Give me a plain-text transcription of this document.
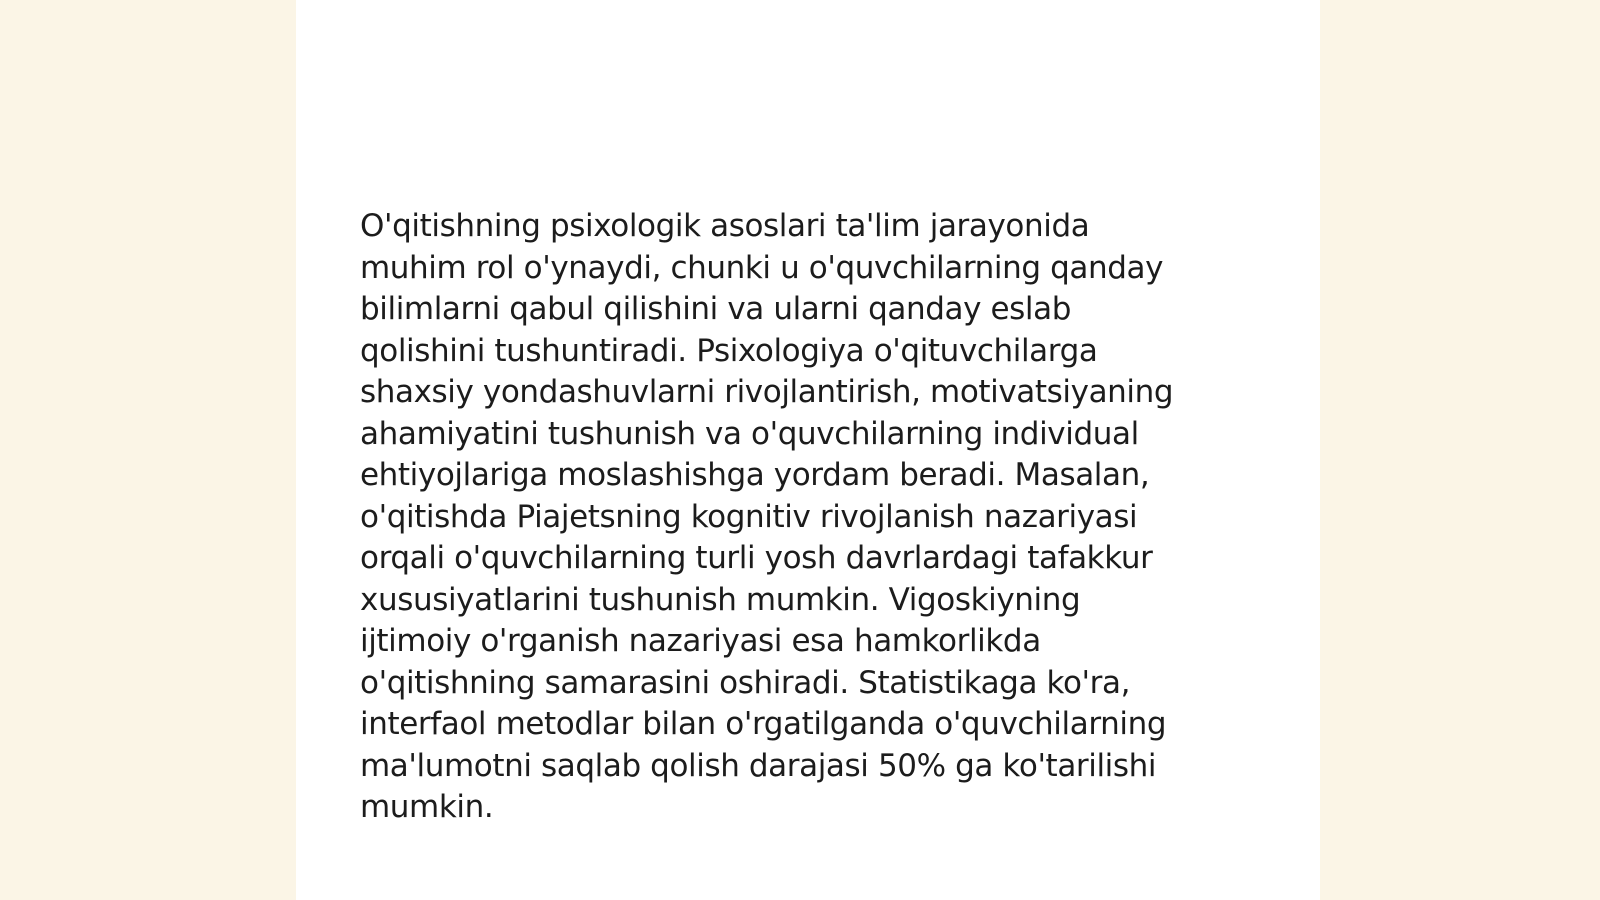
O'qitishning psixologik asoslari ta'lim jarayonida
muhim rol o'ynaydi, chunki u o'quvchilarning qanday
bilimlarni qabul qilishini va ularni qanday eslab
qolishini tushuntiradi. Psixologiya o'qituvchilarga
shaxsiy yondashuvlarni rivojlantirish, motivatsiyaning
ahamiyatini tushunish va o'quvchilarning individual
ehtiyojlariga moslashishga yordam beradi. Masalan,
o'qitishda Piajetsning kognitiv rivojlanish nazariyasi
orqali o'quvchilarning turli yosh davrlardagi tafakkur
xususiyatlarini tushunish mumkin. Vigoskiyning
ijtimoiy o'rganish nazariyasi esa hamkorlikda
o'qitishning samarasini oshiradi. Statistikaga ko'ra,
interfaol metodlar bilan o'rgatilganda o'quvchilarning
ma'lumotni saqlab qolish darajasi 50% ga ko'tarilishi
mumkin.
